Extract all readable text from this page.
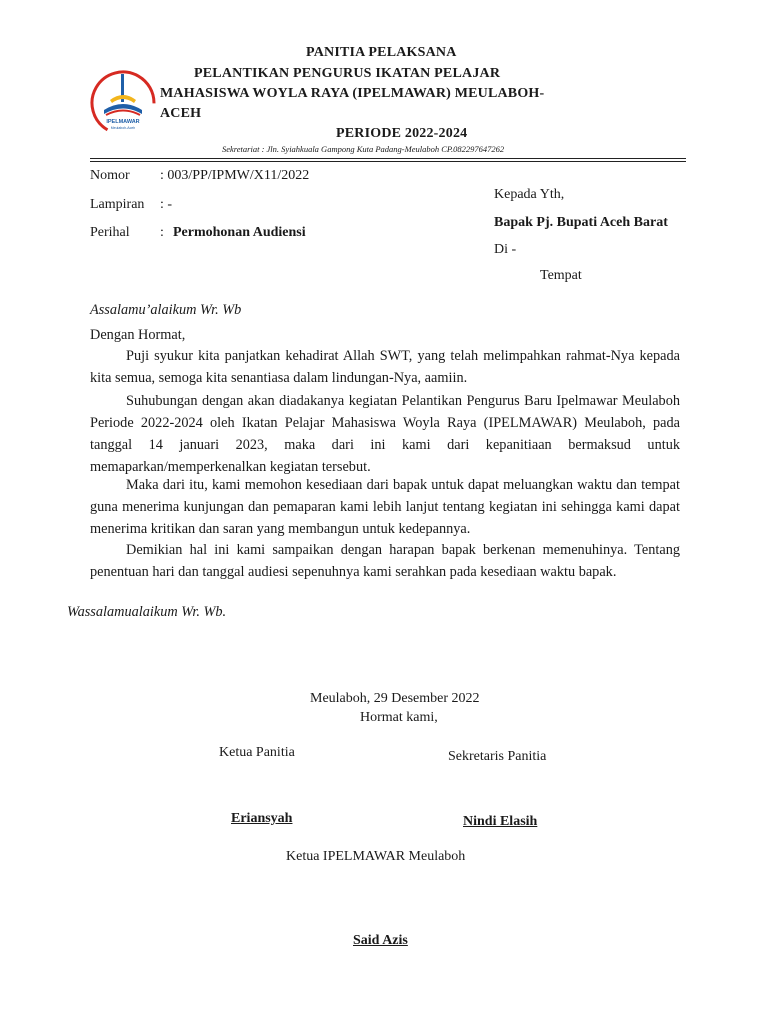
IPELMAWAR
Meulaboh-Aceh
PANITIA PELAKSANA
PELANTIKAN PENGURUS IKATAN PELAJAR
MAHASISWA WOYLA RAYA (IPELMAWAR) MEULABOH-
ACEH
PERIODE 2022-2024
Sekretariat : Jln. Syiahkuala Gampong Kuta Padang-Meulaboh CP.082297647262
Nomor : 003/PP/IPMW/X11/2022
Lampiran : -
Perihal : Permohonan Audiensi
Kepada Yth,
Bapak Pj. Bupati Aceh Barat
Di -
Tempat
Assalamu’alaikum Wr. Wb
Dengan Hormat,
Puji syukur kita panjatkan kehadirat Allah SWT, yang telah melimpahkan rahmat-Nya kepada kita semua, semoga kita senantiasa dalam lindungan-Nya, aamiin.
Suhubungan dengan akan diadakanya kegiatan Pelantikan Pengurus Baru Ipelmawar Meulaboh Periode 2022-2024 oleh Ikatan Pelajar Mahasiswa Woyla Raya (IPELMAWAR) Meulaboh, pada tanggal 14 januari 2023, maka dari ini kami dari kepanitiaan bermaksud untuk memaparkan/memperkenalkan kegiatan tersebut.
Maka dari itu, kami memohon kesediaan dari bapak untuk dapat meluangkan waktu dan tempat guna menerima kunjungan dan pemaparan kami lebih lanjut tentang kegiatan ini sehingga kami dapat menerima kritikan dan saran yang membangun untuk kedepannya.
Demikian hal ini kami sampaikan dengan harapan bapak berkenan memenuhinya. Tentang penentuan hari dan tanggal audiesi sepenuhnya kami serahkan pada kesediaan waktu bapak.
Wassalamualaikum Wr. Wb.
Meulaboh, 29 Desember 2022
Hormat kami,
Ketua Panitia	Sekretaris Panitia
Eriansyah	Nindi Elasih
Ketua IPELMAWAR Meulaboh
Said Azis
